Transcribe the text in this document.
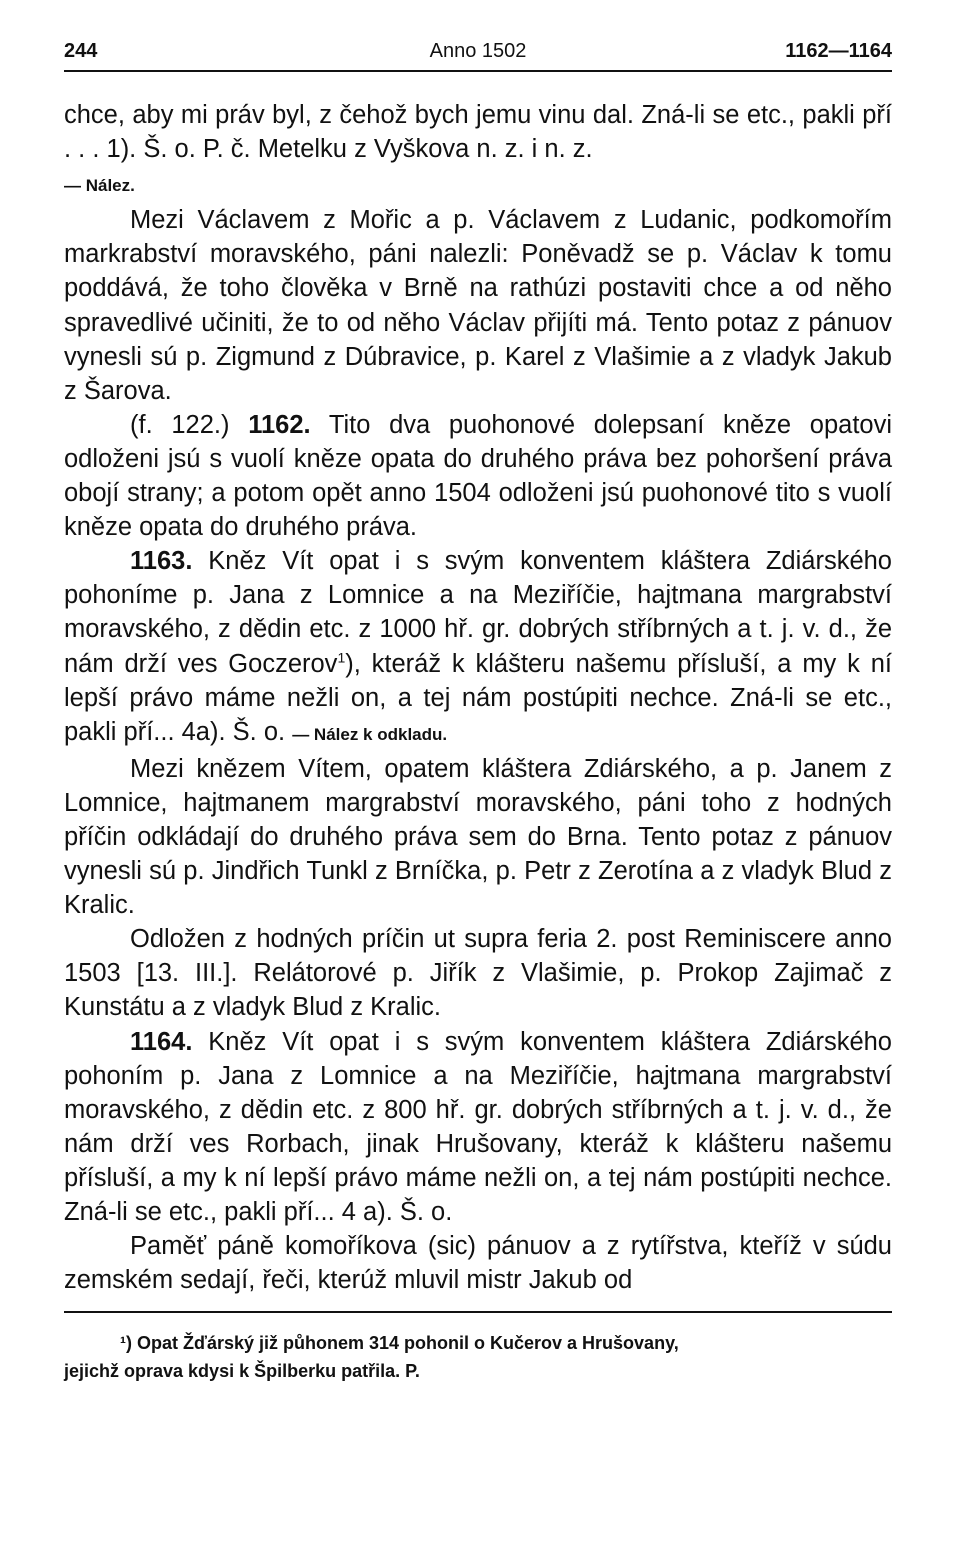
244	Anno 1502	1162—1164

chce, aby mi práv byl, z čehož bych jemu vinu dal. Zná-li se etc., pakli pří . . . 1). Š. o. P. č. Metelku z Vyškova n. z. i n. z.

— Nález.

Mezi Václavem z Mořic a p. Václavem z Ludanic, podkomořím markrabství moravského, páni nalezli: Poněvadž se p. Václav k tomu poddává, že toho člověka v Brně na rathúzi postaviti chce a od něho spravedlivé učiniti, že to od něho Václav přijíti má. Tento potaz z pánuov vynesli sú p. Zigmund z Dúbravice, p. Karel z Vlašimie a z vladyk Jakub z Šarova.

(f. 122.) 1162. Tito dva puohonové dolepsaní kněze opatovi odloženi jsú s vuolí kněze opata do druhého práva bez pohoršení práva obojí strany; a potom opět anno 1504 odloženi jsú puohonové tito s vuolí kněze opata do druhého práva.

1163. Kněz Vít opat i s svým konventem kláštera Zdiárského pohoníme p. Jana z Lomnice a na Meziříčie, hajtmana margrabství moravského, z dědin etc. z 1000 hř. gr. dobrých stříbrných a t. j. v. d., že nám drží ves Goczerov$^1$), kteráž k klášteru našemu přísluší, a my k ní lepší právo máme nežli on, a tej nám postúpiti nechce. Zná-li se etc., pakli pří... 4a). Š. o. — Nález k odkladu.

Mezi knězem Vítem, opatem kláštera Zdiárského, a p. Janem z Lomnice, hajtmanem margrabství moravského, páni toho z hodných příčin odkládají do druhého práva sem do Brna. Tento potaz z pánuov vynesli sú p. Jindřich Tunkl z Brníčka, p. Petr z Zerotína a z vladyk Blud z Kralic.

Odložen z hodných príčin ut supra feria 2. post Reminiscere anno 1503 [13. III.]. Relátorové p. Jiřík z Vlašimie, p. Prokop Zajimač z Kunstátu a z vladyk Blud z Kralic.

1164. Kněz Vít opat i s svým konventem kláštera Zdiárského pohoním p. Jana z Lomnice a na Meziříčie, hajtmana margrabství moravského, z dědin etc. z 800 hř. gr. dobrých stříbrných a t. j. v. d., že nám drží ves Rorbach, jinak Hrušovany, kteráž k klášteru našemu přísluší, a my k ní lepší právo máme nežli on, a tej nám postúpiti nechce. Zná-li se etc., pakli pří... 4 a). Š. o.

Paměť páně komoříkova (sic) pánuov a z rytířstva, kteříž v súdu zemském sedají, řeči, kterúž mluvil mistr Jakub od

¹) Opat Žďárský již půhonem 314 pohonil o Kučerov a Hrušovany,
jejichž oprava kdysi k Špilberku patřila. P.
